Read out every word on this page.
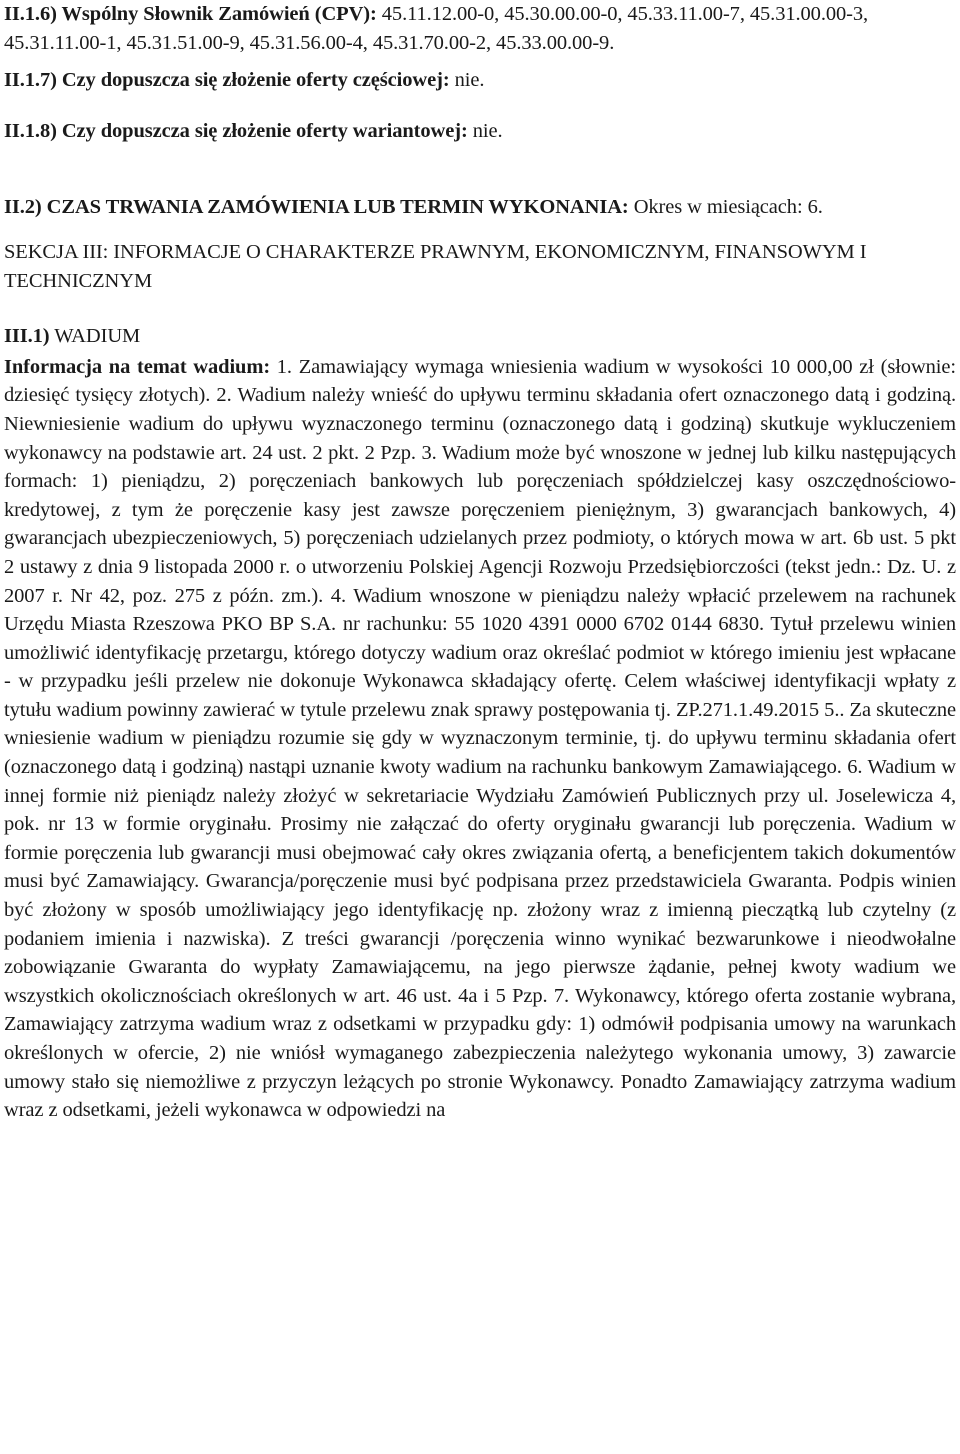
II.1.6) Wspólny Słownik Zamówień (CPV): 45.11.12.00-0, 45.30.00.00-0, 45.33.11.00-7, 45.31.00.00-3, 45.31.11.00-1, 45.31.51.00-9, 45.31.56.00-4, 45.31.70.00-2, 45.33.00.00-9.

II.1.7) Czy dopuszcza się złożenie oferty częściowej: nie.

II.1.8) Czy dopuszcza się złożenie oferty wariantowej: nie.

II.2) CZAS TRWANIA ZAMÓWIENIA LUB TERMIN WYKONANIA: Okres w miesiącach: 6.

SEKCJA III: INFORMACJE O CHARAKTERZE PRAWNYM, EKONOMICZNYM, FINANSOWYM I TECHNICZNYM

III.1) WADIUM

Informacja na temat wadium: 1. Zamawiający wymaga wniesienia wadium w wysokości 10 000,00 zł (słownie: dziesięć tysięcy złotych). 2. Wadium należy wnieść do upływu terminu składania ofert oznaczonego datą i godziną. Niewniesienie wadium do upływu wyznaczonego terminu (oznaczonego datą i godziną) skutkuje wykluczeniem wykonawcy na podstawie art. 24 ust. 2 pkt. 2 Pzp. 3. Wadium może być wnoszone w jednej lub kilku następujących formach: 1) pieniądzu, 2) poręczeniach bankowych lub poręczeniach spółdzielczej kasy oszczędnościowo- kredytowej, z tym że poręczenie kasy jest zawsze poręczeniem pieniężnym, 3) gwarancjach bankowych, 4) gwarancjach ubezpieczeniowych, 5) poręczeniach udzielanych przez podmioty, o których mowa w art. 6b ust. 5 pkt 2 ustawy z dnia 9 listopada 2000 r. o utworzeniu Polskiej Agencji Rozwoju Przedsiębiorczości (tekst jedn.: Dz. U. z 2007 r. Nr 42, poz. 275 z późn. zm.). 4. Wadium wnoszone w pieniądzu należy wpłacić przelewem na rachunek Urzędu Miasta Rzeszowa PKO BP S.A. nr rachunku: 55 1020 4391 0000 6702 0144 6830. Tytuł przelewu winien umożliwić identyfikację przetargu, którego dotyczy wadium oraz określać podmiot w którego imieniu jest wpłacane - w przypadku jeśli przelew nie dokonuje Wykonawca składający ofertę. Celem właściwej identyfikacji wpłaty z tytułu wadium powinny zawierać w tytule przelewu znak sprawy postępowania tj. ZP.271.1.49.2015 5.. Za skuteczne wniesienie wadium w pieniądzu rozumie się gdy w wyznaczonym terminie, tj. do upływu terminu składania ofert (oznaczonego datą i godziną) nastąpi uznanie kwoty wadium na rachunku bankowym Zamawiającego. 6. Wadium w innej formie niż pieniądz należy złożyć w sekretariacie Wydziału Zamówień Publicznych przy ul. Joselewicza 4, pok. nr 13 w formie oryginału. Prosimy nie załączać do oferty oryginału gwarancji lub poręczenia. Wadium w formie poręczenia lub gwarancji musi obejmować cały okres związania ofertą, a beneficjentem takich dokumentów musi być Zamawiający. Gwarancja/poręczenie musi być podpisana przez przedstawiciela Gwaranta. Podpis winien być złożony w sposób umożliwiający jego identyfikację np. złożony wraz z imienną pieczątką lub czytelny (z podaniem imienia i nazwiska). Z treści gwarancji /poręczenia winno wynikać bezwarunkowe i nieodwołalne zobowiązanie Gwaranta do wypłaty Zamawiającemu, na jego pierwsze żądanie, pełnej kwoty wadium we wszystkich okolicznościach określonych w art. 46 ust. 4a i 5 Pzp. 7. Wykonawcy, którego oferta zostanie wybrana, Zamawiający zatrzyma wadium wraz z odsetkami w przypadku gdy: 1) odmówił podpisania umowy na warunkach określonych w ofercie, 2) nie wniósł wymaganego zabezpieczenia należytego wykonania umowy, 3) zawarcie umowy stało się niemożliwe z przyczyn leżących po stronie Wykonawcy. Ponadto Zamawiający zatrzyma wadium wraz z odsetkami, jeżeli wykonawca w odpowiedzi na
